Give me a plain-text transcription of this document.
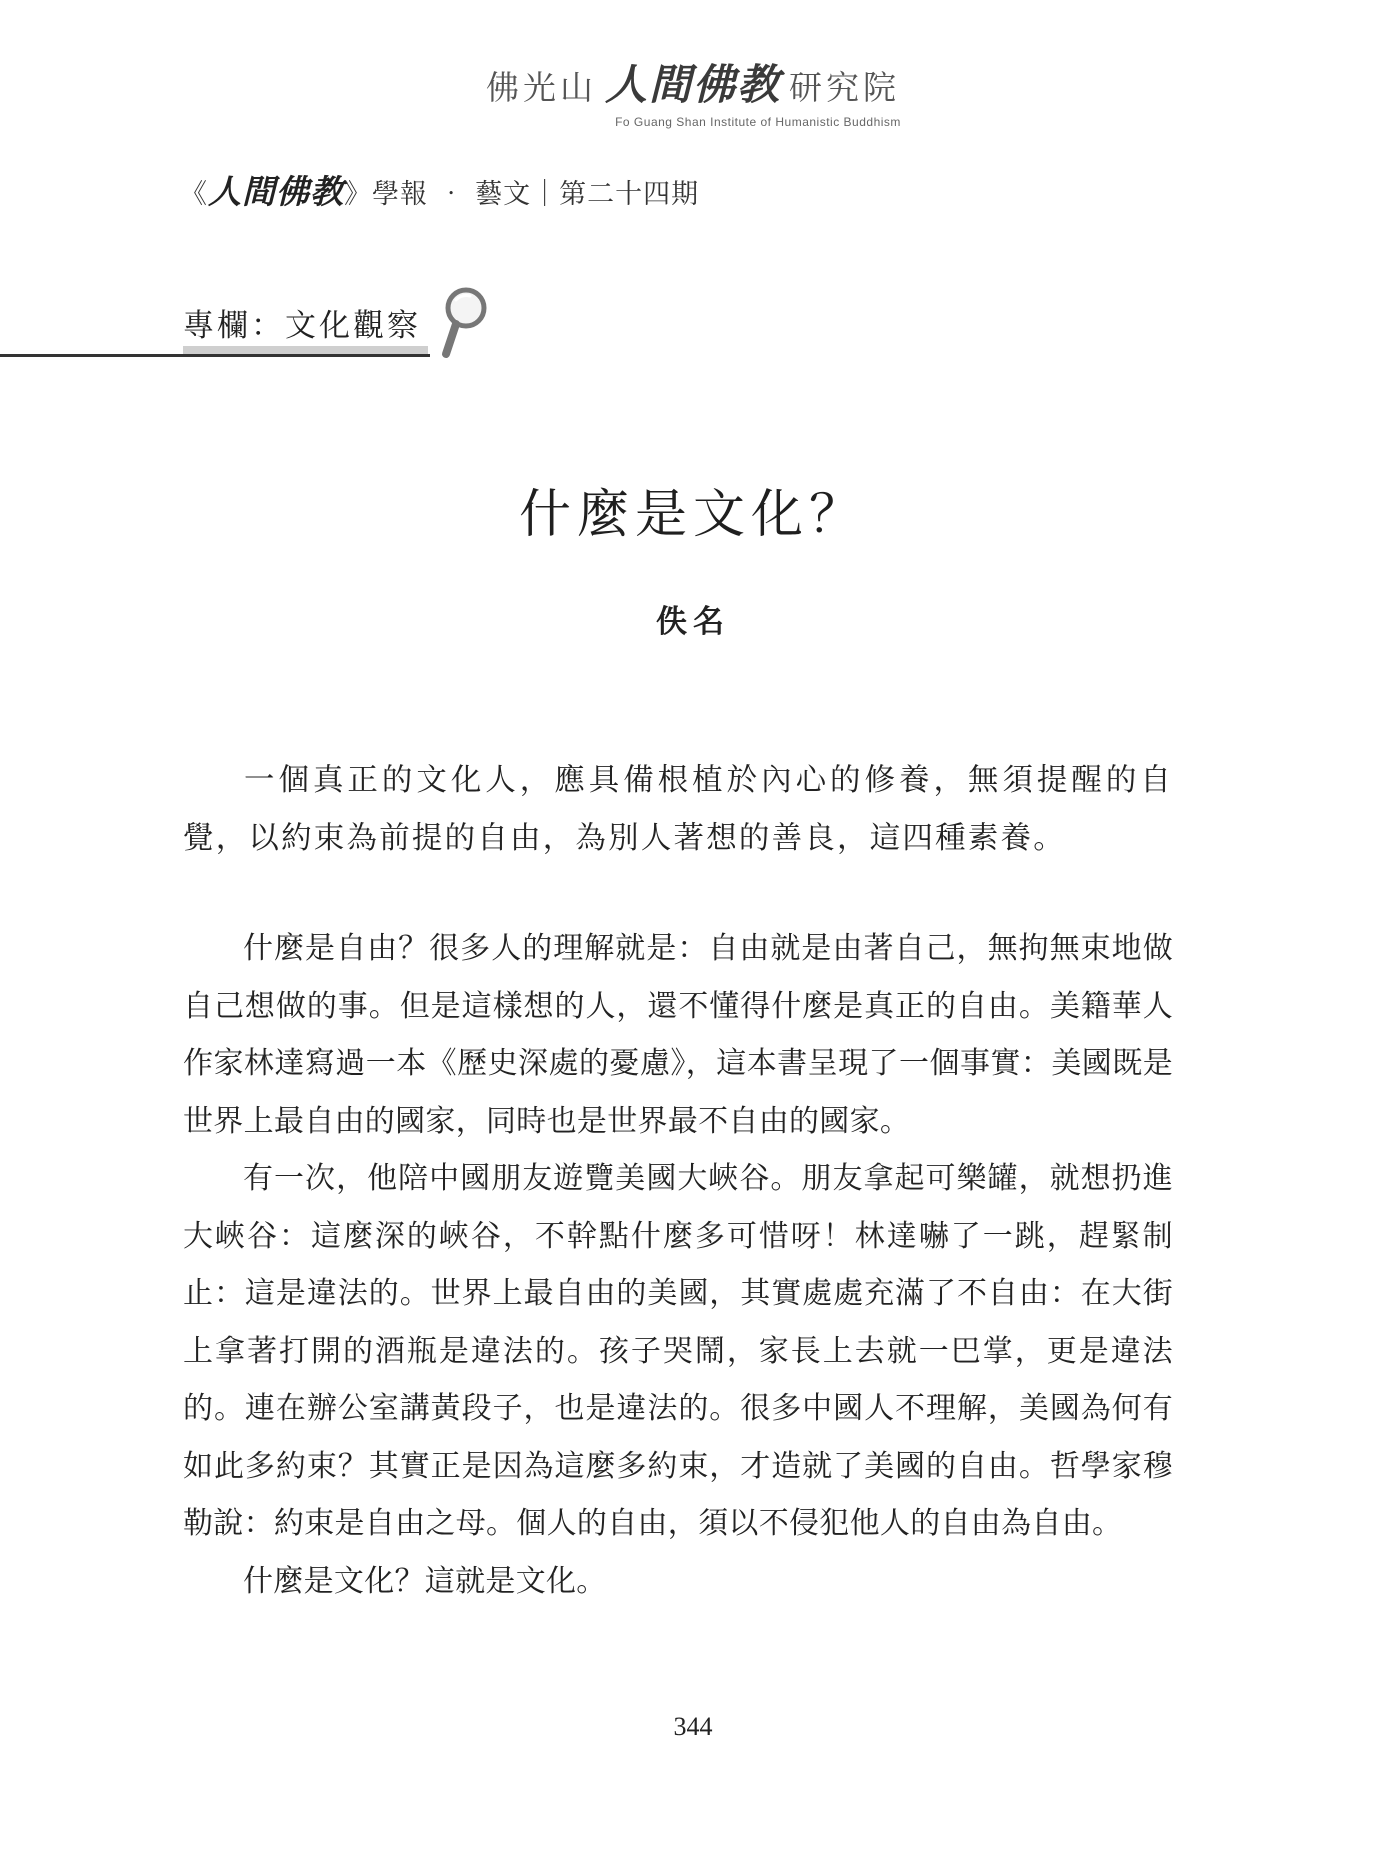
佛光山 人間佛教 研究院
Fo Guang Shan Institute of Humanistic Buddhism
《人間佛教》學報 ‧ 藝文｜第二十四期
專欄：文化觀察
什麼是文化？
佚名

一個真正的文化人，應具備根植於內心的修養，無須提醒的自覺，以約束為前提的自由，為別人著想的善良，這四種素養。

什麼是自由？很多人的理解就是：自由就是由著自己，無拘無束地做自己想做的事。但是這樣想的人，還不懂得什麼是真正的自由。美籍華人作家林達寫過一本《歷史深處的憂慮》，這本書呈現了一個事實：美國既是世界上最自由的國家，同時也是世界最不自由的國家。

有一次，他陪中國朋友遊覽美國大峽谷。朋友拿起可樂罐，就想扔進大峽谷：這麼深的峽谷，不幹點什麼多可惜呀！林達嚇了一跳，趕緊制止：這是違法的。世界上最自由的美國，其實處處充滿了不自由：在大街上拿著打開的酒瓶是違法的。孩子哭鬧，家長上去就一巴掌，更是違法的。連在辦公室講黃段子，也是違法的。很多中國人不理解，美國為何有如此多約束？其實正是因為這麼多約束，才造就了美國的自由。哲學家穆勒說：約束是自由之母。個人的自由，須以不侵犯他人的自由為自由。

什麼是文化？這就是文化。

344
